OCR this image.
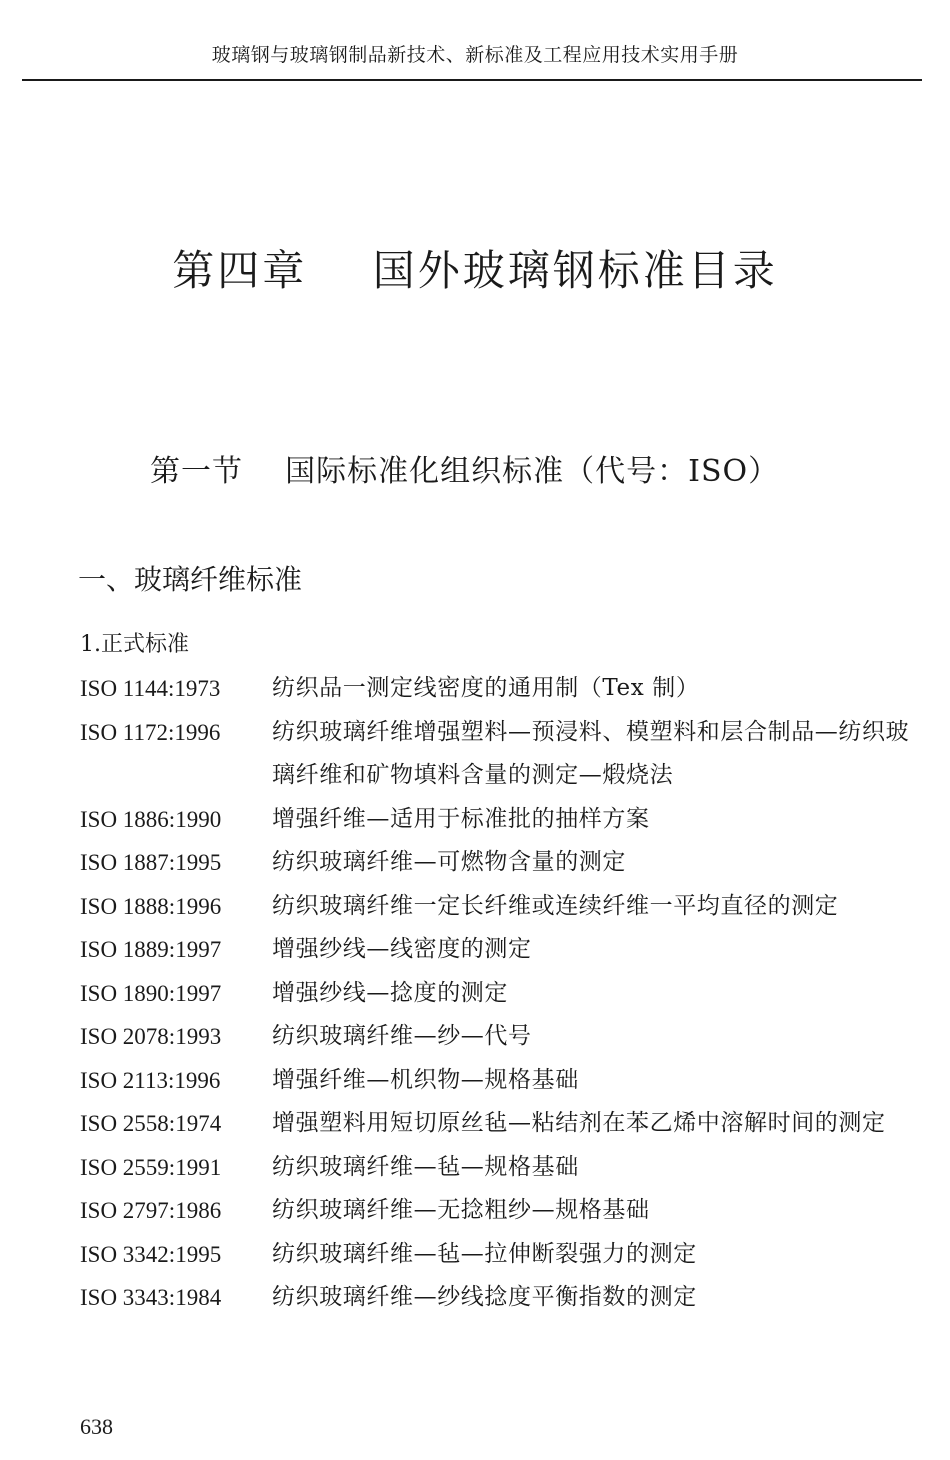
玻璃钢与玻璃钢制品新技术、新标准及工程应用技术实用手册
第四章    国外玻璃钢标准目录
第一节    国际标准化组织标准（代号：ISO）
一、玻璃纤维标准
1.正式标准
ISO 1144:1973	纺织品一测定线密度的通用制（Tex 制）
ISO 1172:1996	纺织玻璃纤维增强塑料—预浸料、模塑料和层合制品—纺织玻璃纤维和矿物填料含量的测定—煅烧法
ISO 1886:1990	增强纤维—适用于标准批的抽样方案
ISO 1887:1995	纺织玻璃纤维—可燃物含量的测定
ISO 1888:1996	纺织玻璃纤维一定长纤维或连续纤维一平均直径的测定
ISO 1889:1997	增强纱线—线密度的测定
ISO 1890:1997	增强纱线—捻度的测定
ISO 2078:1993	纺织玻璃纤维—纱—代号
ISO 2113:1996	增强纤维—机织物—规格基础
ISO 2558:1974	增强塑料用短切原丝毡—粘结剂在苯乙烯中溶解时间的测定
ISO 2559:1991	纺织玻璃纤维—毡—规格基础
ISO 2797:1986	纺织玻璃纤维—无捻粗纱—规格基础
ISO 3342:1995	纺织玻璃纤维—毡—拉伸断裂强力的测定
ISO 3343:1984	纺织玻璃纤维—纱线捻度平衡指数的测定
638
